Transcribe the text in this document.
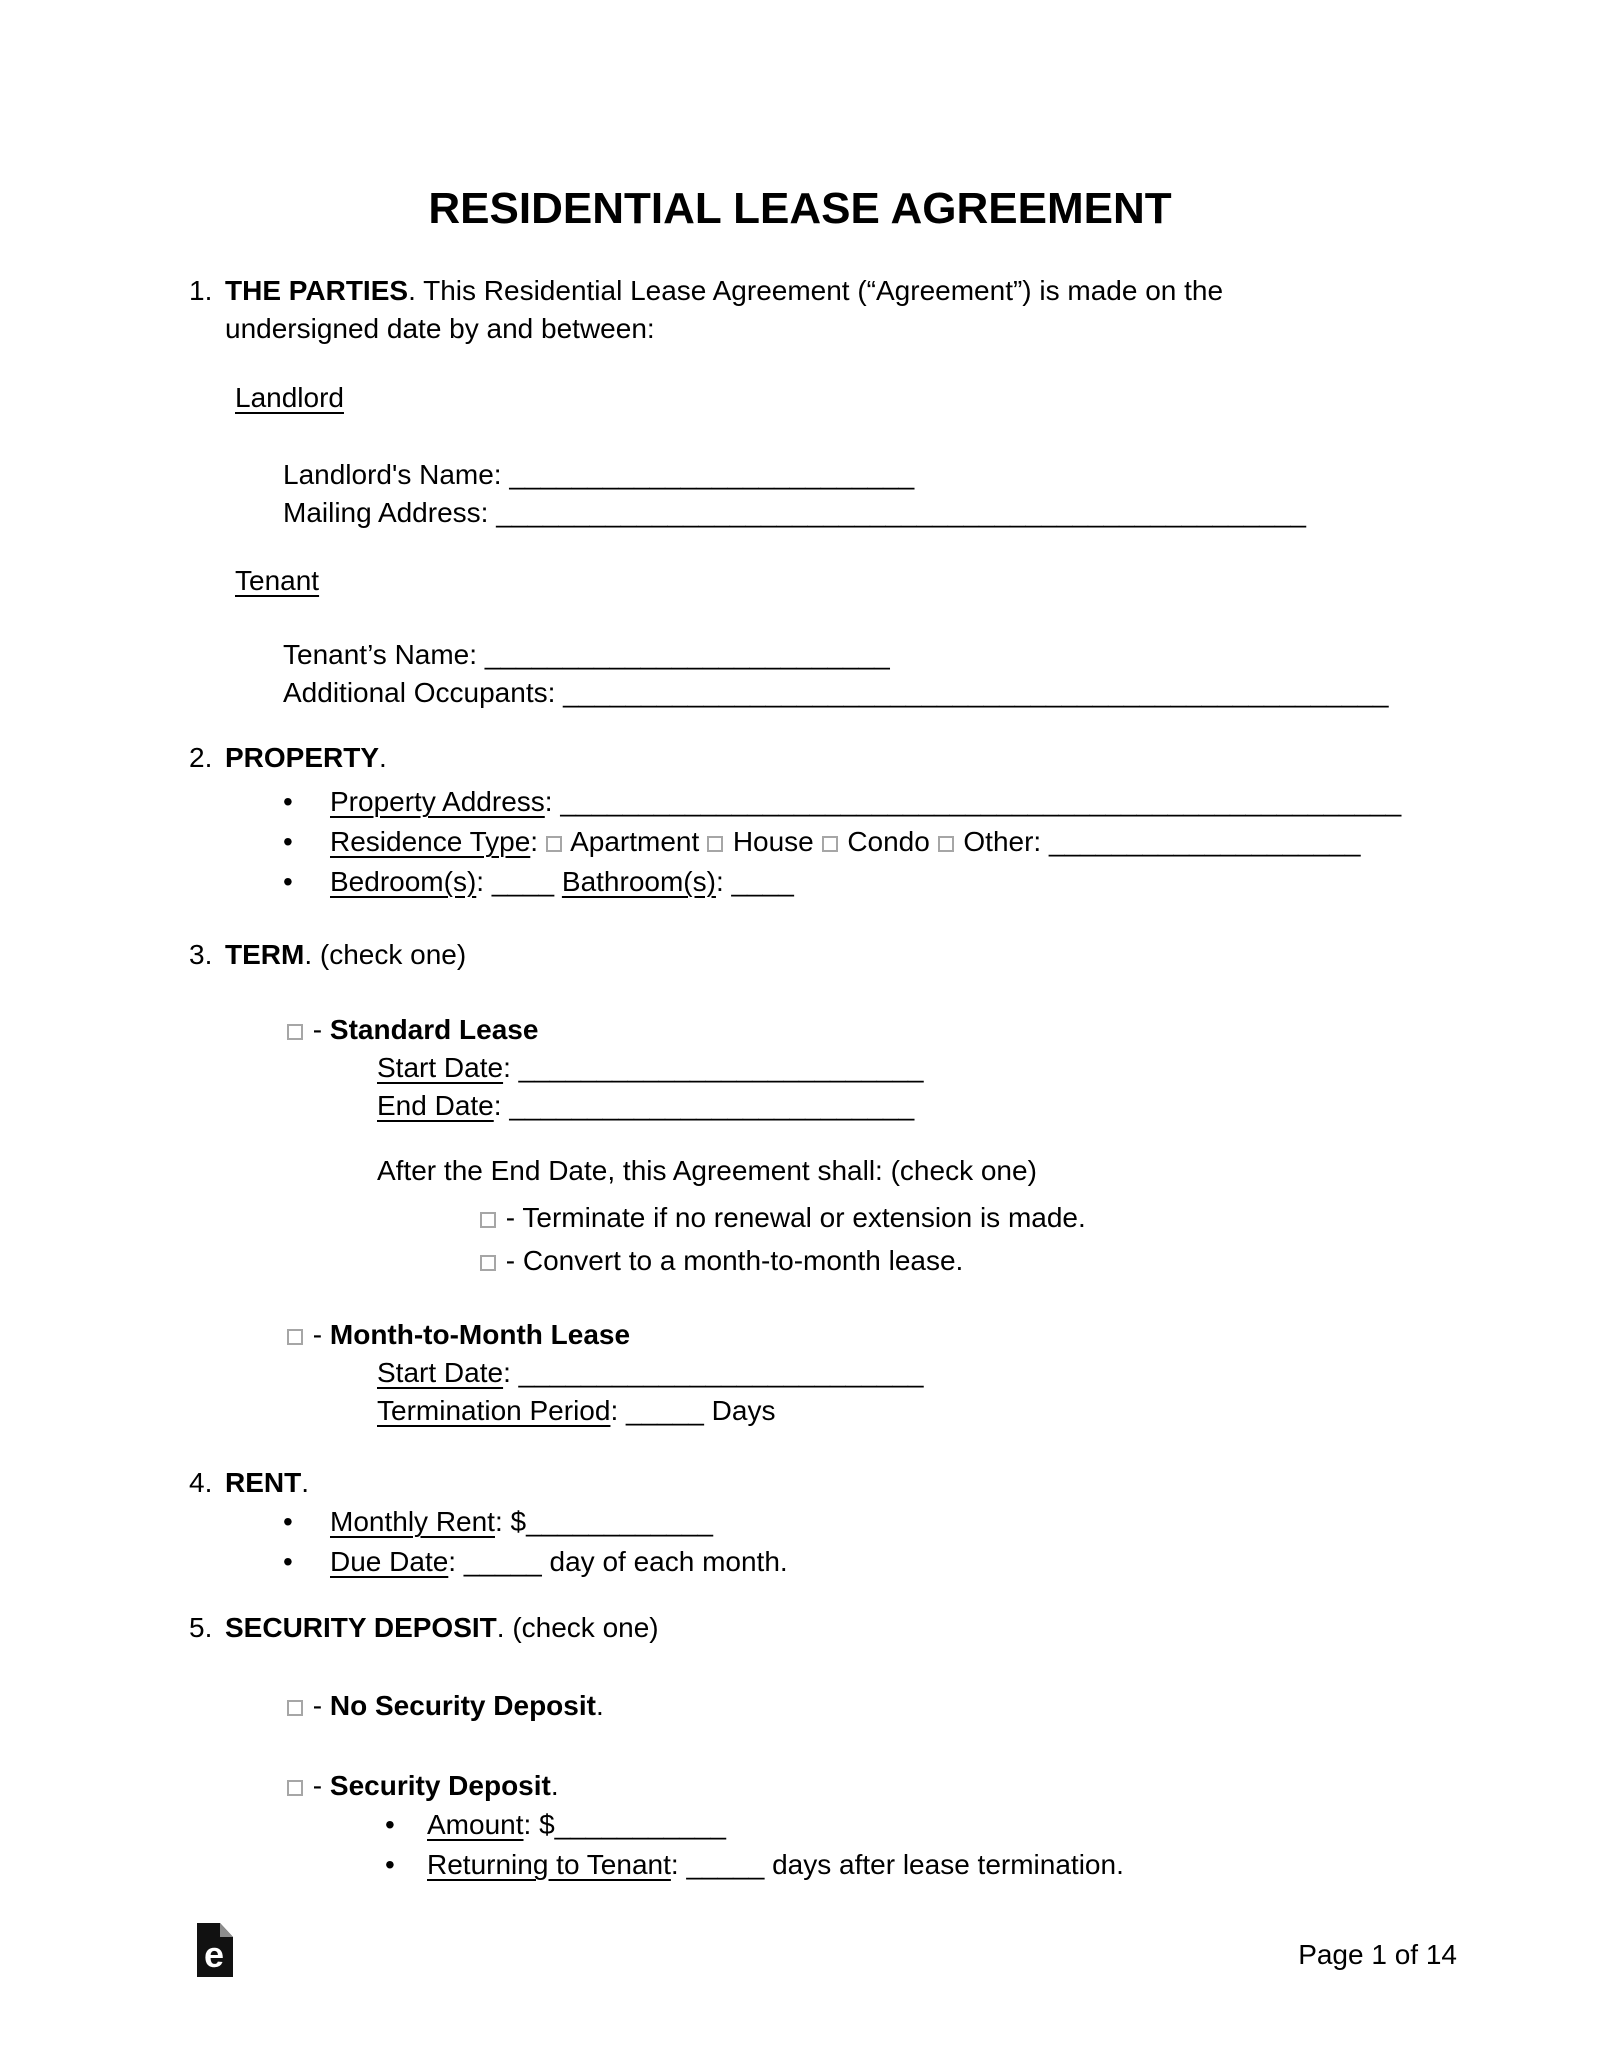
RESIDENTIAL LEASE AGREEMENT
1. THE PARTIES. This Residential Lease Agreement (“Agreement”) is made on the undersigned date by and between:
Landlord
Landlord's Name: __________________________
Mailing Address: ____________________________________________________
Tenant
Tenant’s Name: __________________________
Additional Occupants: _____________________________________________________
2. PROPERTY.
•	Property Address: ______________________________________________________
•	Residence Type: Apartment House Condo Other: ____________________
•	Bedroom(s): ____ Bathroom(s): ____
3. TERM. (check one)
- Standard Lease
Start Date: __________________________
End Date: __________________________
After the End Date, this Agreement shall: (check one)
- Terminate if no renewal or extension is made.
- Convert to a month-to-month lease.
- Month-to-Month Lease
Start Date: __________________________
Termination Period: _____ Days
4. RENT.
•	Monthly Rent: $____________
•	Due Date: _____ day of each month.
5. SECURITY DEPOSIT. (check one)
- No Security Deposit.
- Security Deposit.
•	Amount: $___________
•	Returning to Tenant: _____ days after lease termination.
e	Page 1 of 14
